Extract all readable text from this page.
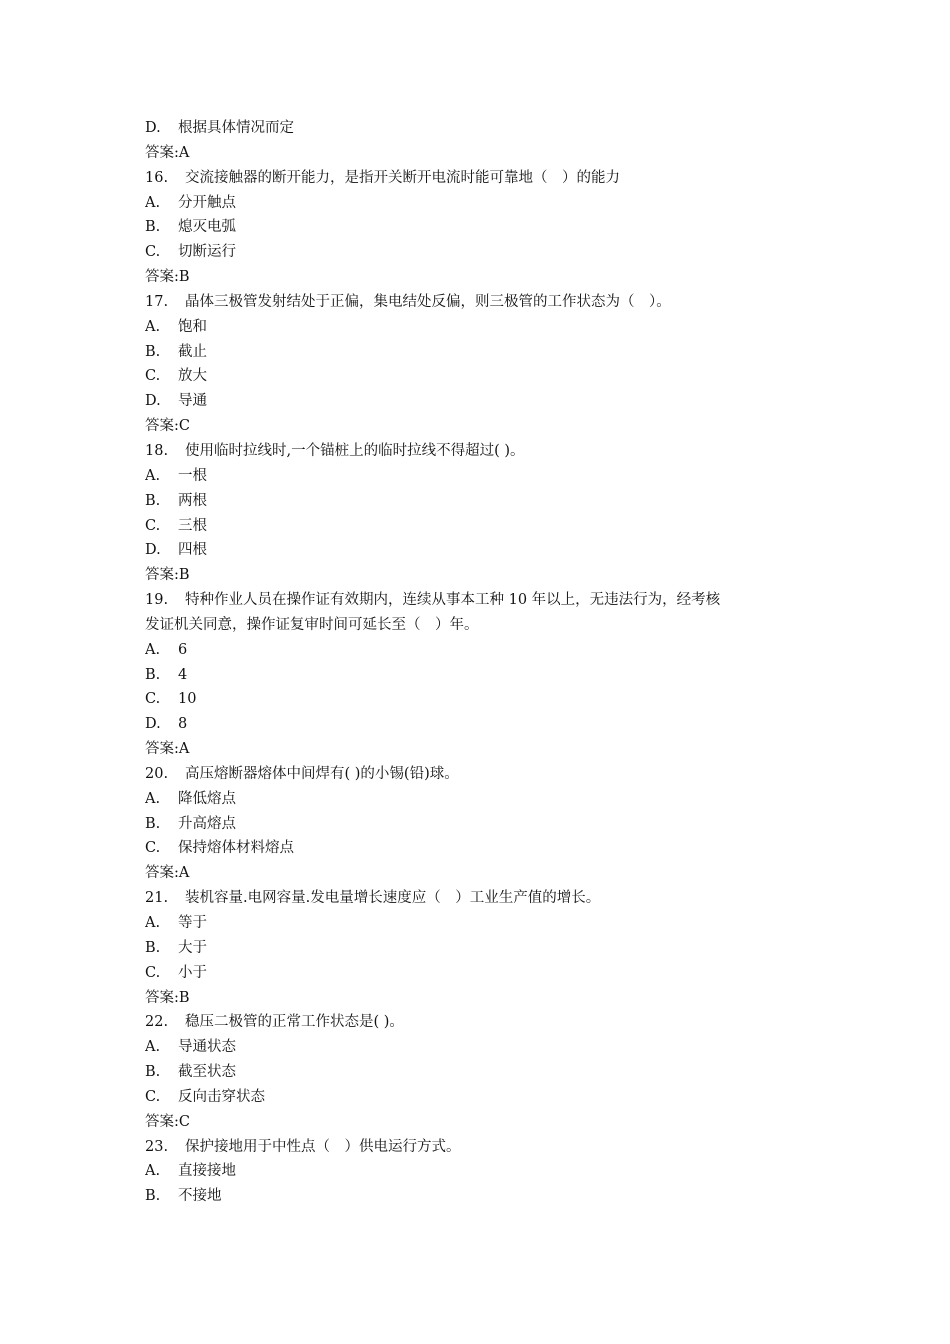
D. 根据具体情况而定
答案:A
16. 交流接触器的断开能力，是指开关断开电流时能可靠地（　）的能力
A. 分开触点
B. 熄灭电弧
C. 切断运行
答案:B
17. 晶体三极管发射结处于正偏，集电结处反偏，则三极管的工作状态为（　）。
A. 饱和
B. 截止
C. 放大
D. 导通
答案:C
18. 使用临时拉线时,一个锚桩上的临时拉线不得超过( )。
A. 一根
B. 两根
C. 三根
D. 四根
答案:B
19. 特种作业人员在操作证有效期内，连续从事本工种 10 年以上，无违法行为，经考核
发证机关同意，操作证复审时间可延长至（　）年。
A. 6
B. 4
C. 10
D. 8
答案:A
20. 高压熔断器熔体中间焊有( )的小锡(铅)球。
A. 降低熔点
B. 升高熔点
C. 保持熔体材料熔点
答案:A
21. 装机容量.电网容量.发电量增长速度应（　）工业生产值的增长。
A. 等于
B. 大于
C. 小于
答案:B
22. 稳压二极管的正常工作状态是( )。
A. 导通状态
B. 截至状态
C. 反向击穿状态
答案:C
23. 保护接地用于中性点（　）供电运行方式。
A. 直接接地
B. 不接地
